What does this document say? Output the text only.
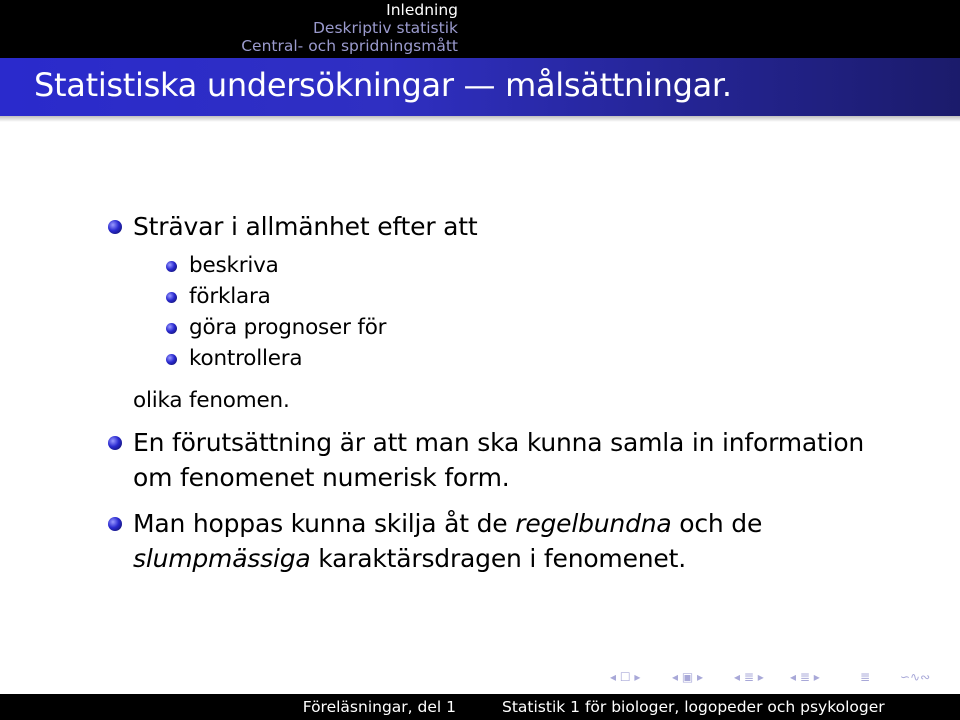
Inledning
Deskriptiv statistik
Central- och spridningsmått
Statistiska undersökningar — målsättningar.
Strävar i allmänhet efter att
beskriva
förklara
göra prognoser för
kontrollera
olika fenomen.
En förutsättning är att man ska kunna samla in information
om fenomenet numerisk form.
Man hoppas kunna skilja åt de regelbundna och de
slumpmässiga karaktärsdragen i fenomenet.
◂ ☐ ▸	◂ ▣ ▸	◂ ≣ ▸ ◂ ≣ ▸	≣ ∽∿∾
Föreläsningar, del 1	Statistik 1 för biologer, logopeder och psykologer
